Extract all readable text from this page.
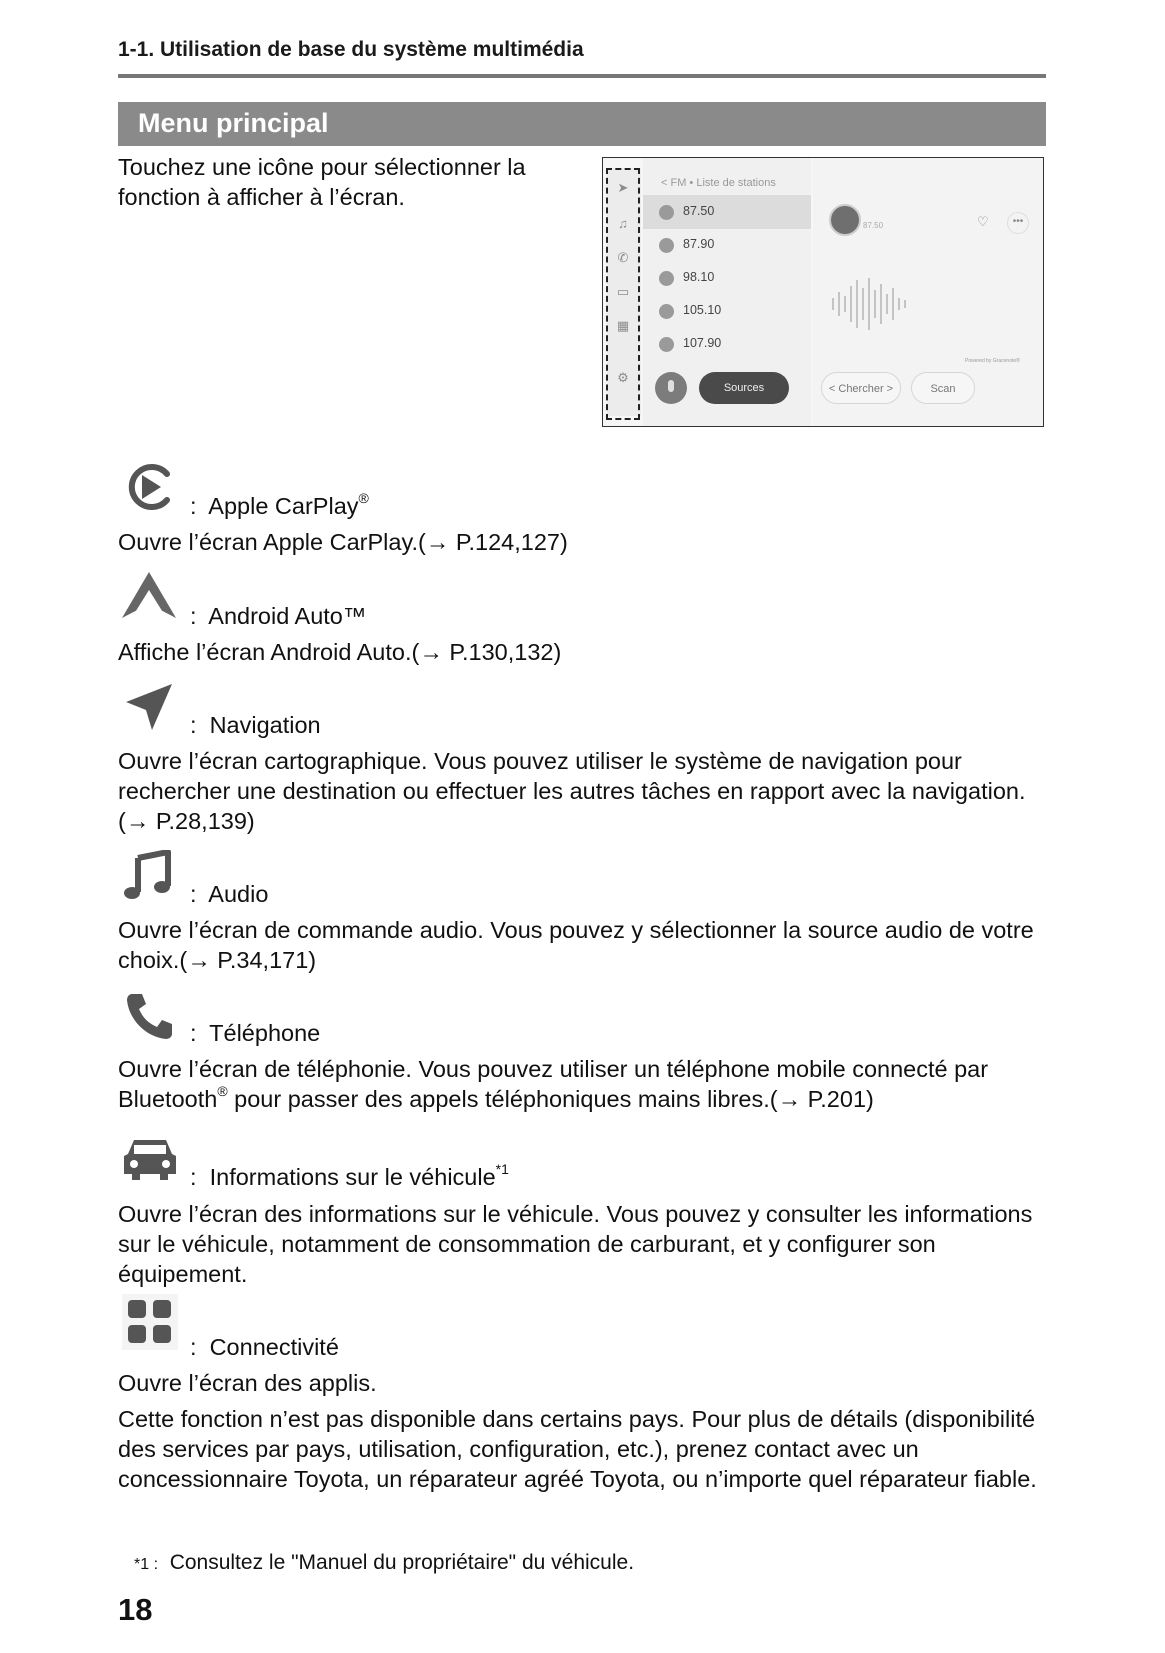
1-1. Utilisation de base du système multimédia
Menu principal
Touchez une icône pour sélectionner la fonction à afficher à l’écran.	➤
♫
✆
▭
▦
⚙
< FM • Liste de stations
87.50
87.90
98.10
105.10
107.90
Sources
87.50	♡	•••
Powered by Gracenote®
< Chercher >	Scan
:  Apple CarPlay®
Ouvre l’écran Apple CarPlay.(→ P.124,127)
:  Android Auto™
Affiche l’écran Android Auto.(→ P.130,132)
:  Navigation
Ouvre l’écran cartographique. Vous pouvez utiliser le système de navigation pour rechercher une destination ou effectuer les autres tâches en rapport avec la navigation.(→ P.28,139)
:  Audio
Ouvre l’écran de commande audio. Vous pouvez y sélectionner la source audio de votre choix.(→ P.34,171)
:  Téléphone
Ouvre l’écran de téléphonie. Vous pouvez utiliser un téléphone mobile connecté par Bluetooth® pour passer des appels téléphoniques mains libres.(→ P.201)
:  Informations sur le véhicule$^{*1}$
Ouvre l’écran des informations sur le véhicule. Vous pouvez y consulter les informations sur le véhicule, notamment de consommation de carburant, et y configurer son équipement.
:  Connectivité
Ouvre l’écran des applis.
Cette fonction n’est pas disponible dans certains pays. Pour plus de détails (disponibilité des services par pays, utilisation, configuration, etc.), prenez contact avec un concessionnaire Toyota, un réparateur agréé Toyota, ou n’importe quel réparateur fiable.
*1 : Consultez le "Manuel du propriétaire" du véhicule.
18
